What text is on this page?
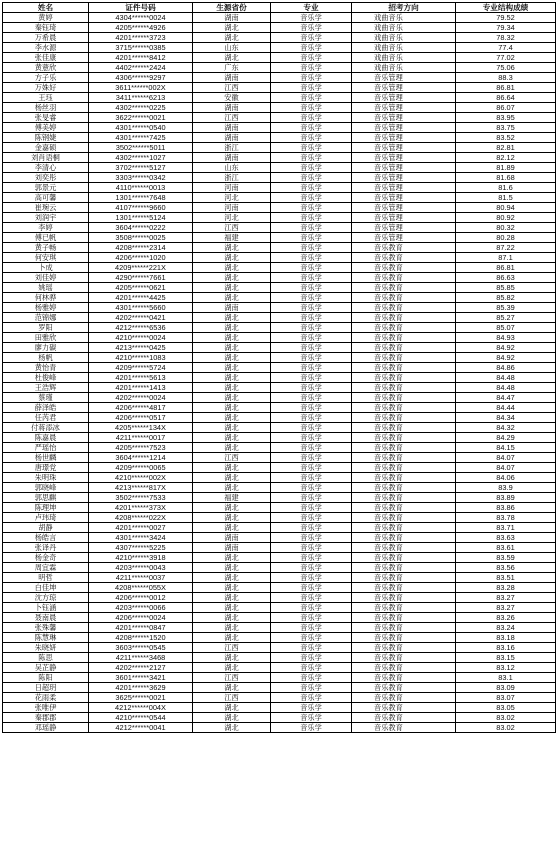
姓名	证件号码	生源省份	专业	招考方向	专业结构成绩
黄婷	4304******0024	湖南	音乐学	戏曲音乐	79.52
秦钰琦	4205******4926	湖北	音乐学	戏曲音乐	79.34
万希晨	4201******3723	湖北	音乐学	戏曲音乐	78.32
李水源	3715******0385	山东	音乐学	戏曲音乐	77.4
张佳康	4201******8412	湖北	音乐学	戏曲音乐	77.02
黄薏欣	4402******2424	广东	音乐学	戏曲音乐	75.06
方子乐	4306******9297	湖南	音乐学	音乐管理	88.3
万姝好	3611******002X	江西	音乐学	音乐管理	86.81
王珏	3411******6213	安徽	音乐学	音乐管理	86.64
杨丝羽	4302******0225	湖南	音乐学	音乐管理	86.07
张旻睿	3622******0021	江西	音乐学	音乐管理	83.95
傅美婷	4301******0540	湖南	音乐学	音乐管理	83.75
陈钢婕	4301******7425	湖南	音乐学	音乐管理	83.52
金嘉硕	3502******5011	浙江	音乐学	音乐管理	82.81
刘肖语桐	4302******1027	湖南	音乐学	音乐管理	82.12
李清心	3702******5127	山东	音乐学	音乐管理	81.89
刘奕彤	3303******0342	浙江	音乐学	音乐管理	81.68
郭景元	4110******0013	河南	音乐学	音乐管理	81.6
高可馨	1301******7648	河北	音乐学	音乐管理	81.5
崔琬云	4107******9660	河南	音乐学	音乐管理	80.94
刘润宇	1301******5124	河北	音乐学	音乐管理	80.92
李婷	3604******0222	江西	音乐学	音乐管理	80.32
傅已帆	3508******0025	福建	音乐学	音乐管理	80.28
黄子畅	4208******2314	湖北	音乐学	音乐教育	87.22
何安琪	4206******1020	湖北	音乐学	音乐教育	87.1
卜成	4209******221X	湖北	音乐学	音乐教育	86.81
刘佳婷	4290******7661	湖北	音乐学	音乐教育	86.63
姚瑶	4205******0621	湖北	音乐学	音乐教育	85.85
何林骅	4201******4425	湖北	音乐学	音乐教育	85.82
杨雅婷	4301******5660	湖南	音乐学	音乐教育	85.39
范锦娜	4202******0421	湖北	音乐学	音乐教育	85.27
罗阳	4212******6536	湖北	音乐学	音乐教育	85.07
田雅欣	4210******0024	湖北	音乐学	音乐教育	84.93
廖力碳	4213******0425	湖北	音乐学	音乐教育	84.92
杨帆	4210******1083	湖北	音乐学	音乐教育	84.92
黄怡青	4209******5724	湖北	音乐学	音乐教育	84.86
杜俊峰	4201******5613	湖北	音乐学	音乐教育	84.48
王浩辉	4201******1413	湖北	音乐学	音乐教育	84.48
蔡瑾	4202******0024	湖北	音乐学	音乐教育	84.47
薛泽皓	4206******4817	湖北	音乐学	音乐教育	84.44
任芮君	4206******0517	湖北	音乐学	音乐教育	84.34
付蒋添冰	4205******134X	湖北	音乐学	音乐教育	84.32
陈嘉晨	4211******0017	湖北	音乐学	音乐教育	84.29
严瑶怡	4205******7523	湖北	音乐学	音乐教育	84.15
杨世麟	3604******1214	江西	音乐学	音乐教育	84.07
唐璟党	4209******0065	湖北	音乐学	音乐教育	84.07
朱明珠	4210******002X	湖北	音乐学	音乐教育	84.06
郭晓峰	4213******817X	湖北	音乐学	音乐教育	83.9
郭思麒	3502******7533	福建	音乐学	音乐教育	83.89
陈理坤	4201******373X	湖北	音乐学	音乐教育	83.86
卢玮琦	4208******022X	湖北	音乐学	音乐教育	83.78
胡静	4201******0027	湖北	音乐学	音乐教育	83.71
杨皓言	4301******3424	湖南	音乐学	音乐教育	83.63
张译丹	4307******5225	湖南	音乐学	音乐教育	83.61
杨金奇	4210******3918	湖北	音乐学	音乐教育	83.59
周宜霖	4203******0043	湖北	音乐学	音乐教育	83.56
明哲	4211******0037	湖北	音乐学	音乐教育	83.51
白佳坤	4208******055X	湖北	音乐学	音乐教育	83.28
沈方琼	4206******0012	湖北	音乐学	音乐教育	83.27
卜钰涵	4203******0066	湖北	音乐学	音乐教育	83.27
聂南晨	4206******0024	湖北	音乐学	音乐教育	83.26
张殊馨	4201******0847	湖北	音乐学	音乐教育	83.24
陈慧琳	4208******1520	湖北	音乐学	音乐教育	83.18
朱晓妍	3603******0545	江西	音乐学	音乐教育	83.16
陈思	4211******3468	湖北	音乐学	音乐教育	83.15
吴芷静	4202******2127	湖北	音乐学	音乐教育	83.12
陈阳	3601******3421	江西	音乐学	音乐教育	83.1
日超玥	4201******3629	湖北	音乐学	音乐教育	83.09
花雨柔	3625******0021	江西	音乐学	音乐教育	83.07
张唯伊	4212******004X	湖北	音乐学	音乐教育	83.05
秦郡郡	4210******0544	湖北	音乐学	音乐教育	83.02
邓瑶静	4212******0041	湖北	音乐学	音乐教育	83.02
